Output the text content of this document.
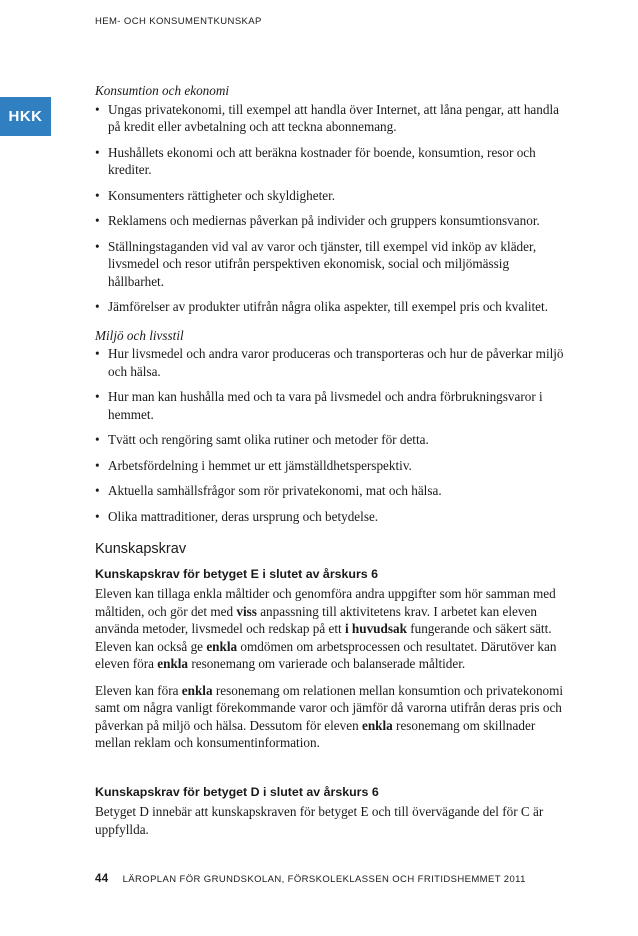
HEM- OCH KONSUMENTKUNSKAP
HKK
Konsumtion och ekonomi
• Ungas privatekonomi, till exempel att handla över Internet, att låna pengar, att handla på kredit eller avbetalning och att teckna abonnemang.
• Hushållets ekonomi och att beräkna kostnader för boende, konsumtion, resor och krediter.
• Konsumenters rättigheter och skyldigheter.
• Reklamens och mediernas påverkan på individer och gruppers konsumtionsvanor.
• Ställningstaganden vid val av varor och tjänster, till exempel vid inköp av kläder, livsmedel och resor utifrån perspektiven ekonomisk, social och miljömässig hållbarhet.
• Jämförelser av produkter utifrån några olika aspekter, till exempel pris och kvalitet.
Miljö och livsstil
• Hur livsmedel och andra varor produceras och transporteras och hur de påverkar miljö och hälsa.
• Hur man kan hushålla med och ta vara på livsmedel och andra förbrukningsvaror i hemmet.
• Tvätt och rengöring samt olika rutiner och metoder för detta.
• Arbetsfördelning i hemmet ur ett jämställdhetsperspektiv.
• Aktuella samhällsfrågor som rör privatekonomi, mat och hälsa.
• Olika mattraditioner, deras ursprung och betydelse.
Kunskapskrav
Kunskapskrav för betyget E i slutet av årskurs 6

Eleven kan tillaga enkla måltider och genomföra andra uppgifter som hör samman med måltiden, och gör det med viss anpassning till aktivitetens krav. I arbetet kan eleven använda metoder, livsmedel och redskap på ett i huvudsak fungerande och säkert sätt. Eleven kan också ge enkla omdömen om arbetsprocessen och resultatet. Därutöver kan eleven föra enkla resonemang om varierade och balanserade måltider.

Eleven kan föra enkla resonemang om relationen mellan konsumtion och privatekonomi samt om några vanligt förekommande varor och jämför då varorna utifrån deras pris och påverkan på miljö och hälsa. Dessutom för eleven enkla resonemang om skillnader mellan reklam och konsumentinformation.

Kunskapskrav för betyget D i slutet av årskurs 6

Betyget D innebär att kunskapskraven för betyget E och till övervägande del för C är uppfyllda.

44 LÄROPLAN FÖR GRUNDSKOLAN, FÖRSKOLEKLASSEN OCH FRITIDSHEMMET 2011
